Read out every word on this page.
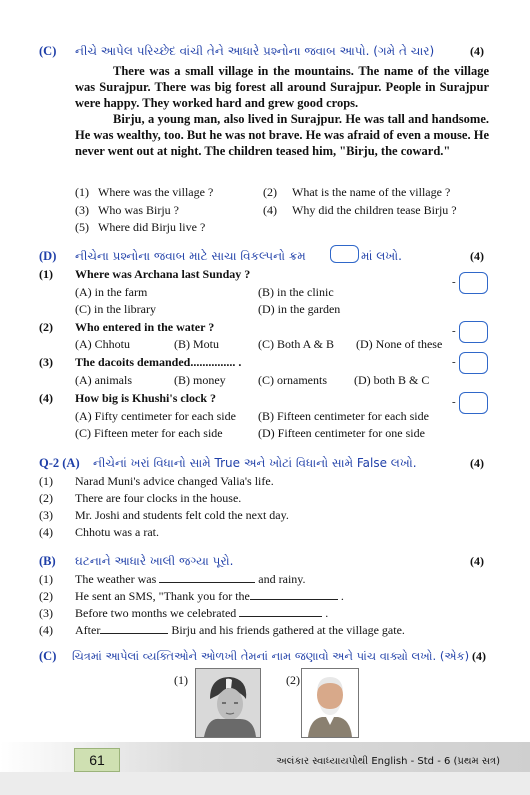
(C) નીચે આપેલ પરિચ્છેદ વાંચી તેને આધારે પ્રશ્નોના જવાબ આપો. (ગમે તે ચાર)	(4)

There was a small village in the mountains. The name of the village was Surajpur. There was big forest all around Surajpur. People in Surajpur were happy. They worked hard and grew good crops.

Birju, a young man, also lived in Surajpur. He was tall and handsome. He was wealthy, too. But he was not brave. He was afraid of even a mouse. He never went out at night. The children teased him, "Birju, the coward."

(1) Where was the village ?	(2) What is the name of the village ?
(3) Who was Birju ?	(4) Why did the children tease Birju ?
(5) Where did Birju live ?
(D) નીચેના પ્રશ્નોના જવાબ માટે સાચા વિકલ્પનો ક્રમ	માં લખો.	(4)
(1) Where was Archana last Sunday ?
(A) in the farm	(B) in the clinic
(C) in the library	(D) in the garden
-
(2) Who entered in the water ?
(A) Chhotu	(B) Motu	(C) Both A & B (D) None of these
-
(3) The dacoits demanded............... .
(A) animals	(B) money	(C) ornaments (D) both B & C
-
(4) How big is Khushi's clock ?
(A) Fifty centimeter for each side (B) Fifteen centimeter for each side
(C) Fifteen meter for each side	(D) Fifteen centimeter for one side
-
Q-2 (A) નીચેનાં ખરાં વિધાનો સામે True અને ખોટાં વિધાનો સામે False લખો.	(4)
(1) Narad Muni's advice changed Valia's life.
(2) There are four clocks in the house.
(3) Mr. Joshi and students felt cold the next day.
(4) Chhotu was a rat.
(B) ઘટનાને આધારે ખાલી જગ્યા પૂરો.	(4)
(1) The weather was	and rainy.
(2) He sent an SMS, "Thank you for the	.
(3) Before two months we celebrated	.
(4) After	Birju and his friends gathered at the village gate.
(C) ચિત્રમાં આપેલાં વ્યક્તિઓને ઓળખી તેમનાં નામ જણાવો અને પાંચ વાક્યો લખો. (એક) (4)
(1)	(2)
61	અલંકાર સ્વાધ્યાયપોથી English - Std - 6 (પ્રથમ સત્ર)
